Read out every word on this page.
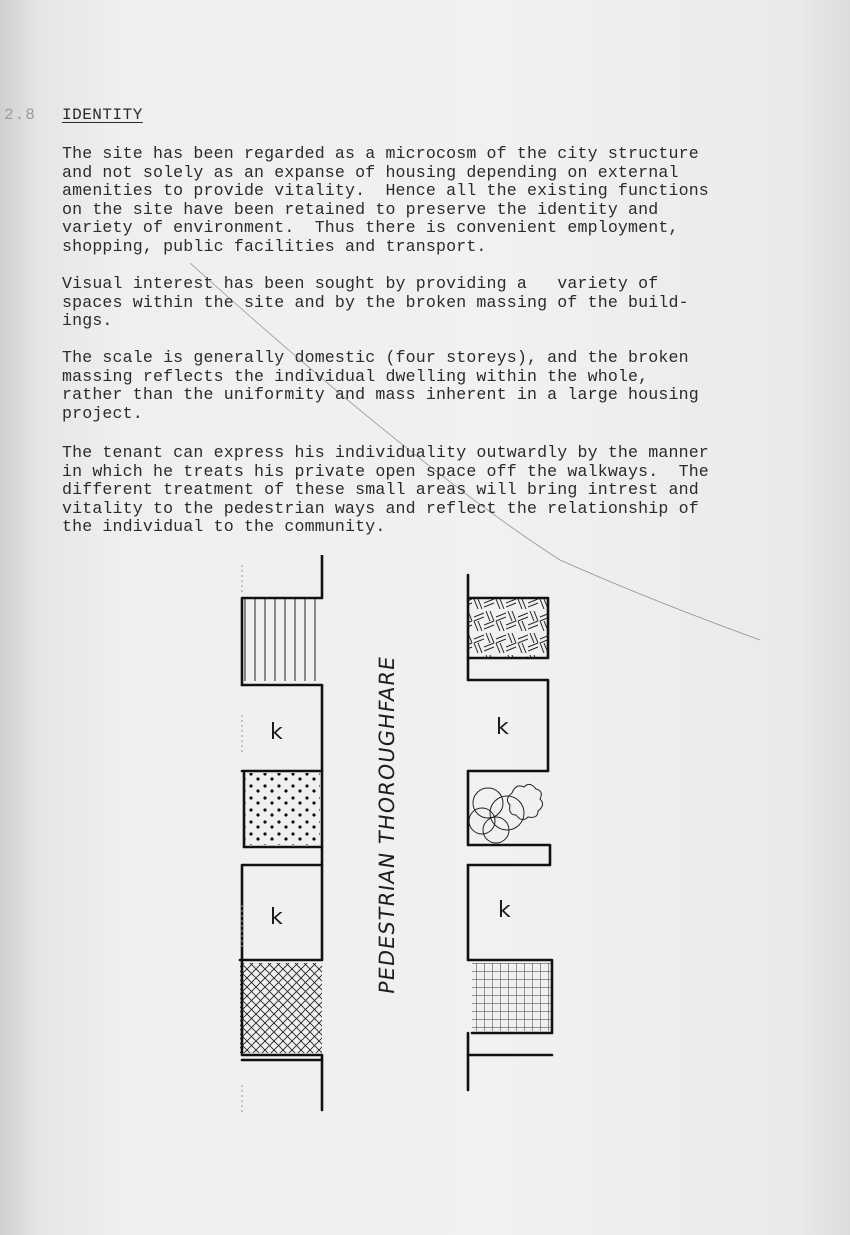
2.8 IDENTITY

The site has been regarded as a microcosm of the city structure
and not solely as an expanse of housing depending on external
amenities to provide vitality.  Hence all the existing functions
on the site have been retained to preserve the identity and
variety of environment.  Thus there is convenient employment,
shopping, public facilities and transport.

Visual interest has been sought by providing a   variety of
spaces within the site and by the broken massing of the build-
ings.

The scale is generally domestic (four storeys), and the broken
massing reflects the individual dwelling within the whole,
rather than the uniformity and mass inherent in a large housing
project.

The tenant can express his individuality outwardly by the manner
in which he treats his private open space off the walkways.  The
different treatment of these small areas will bring intrest and
vitality to the pedestrian ways and reflect the relationship of
the individual to the community.

k
k
k
k
PEDESTRIAN THOROUGHFARE
